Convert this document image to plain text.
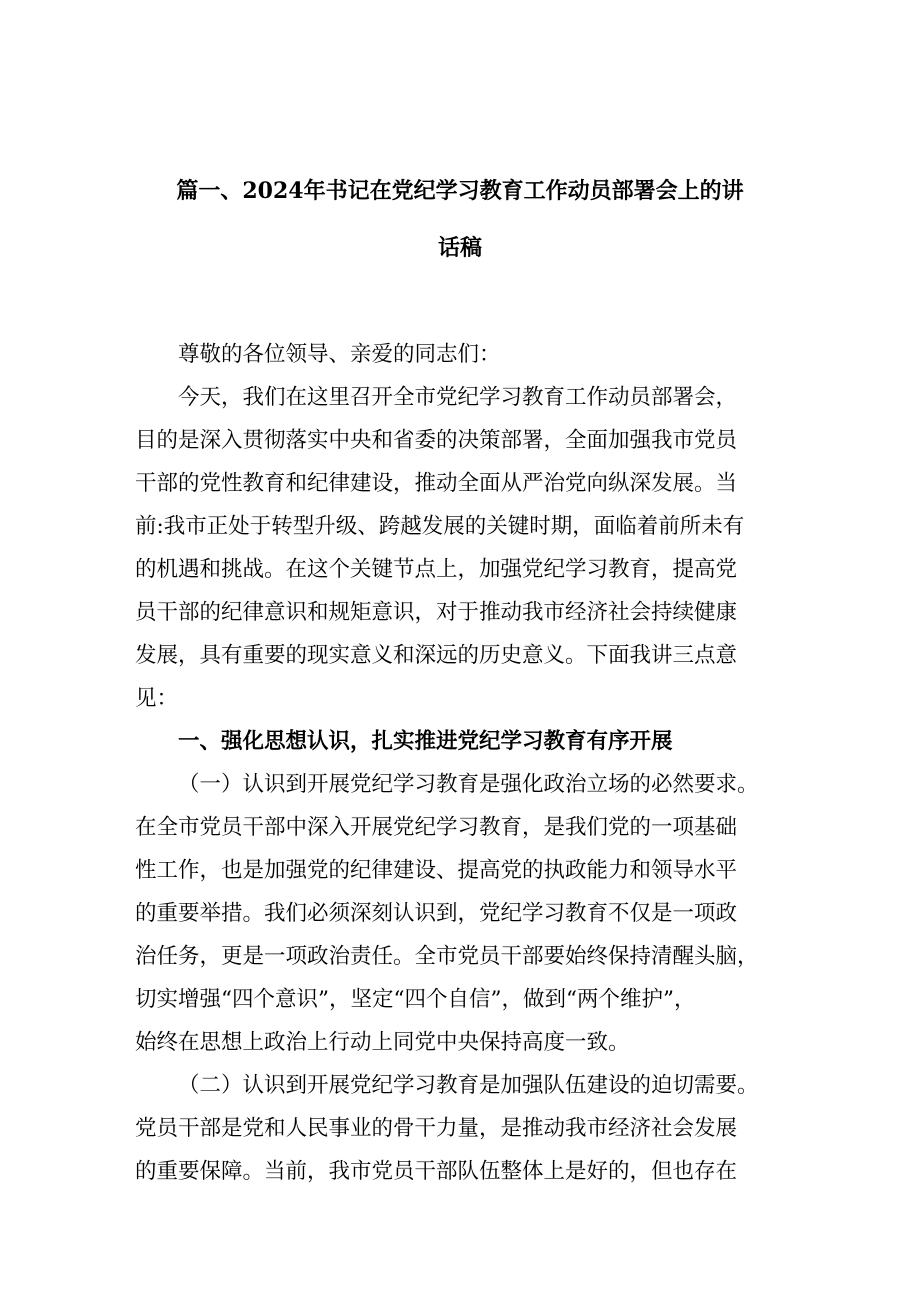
篇一、2024年书记在党纪学习教育工作动员部署会上的讲
话稿
尊敬的各位领导、亲爱的同志们：
今天，我们在这里召开全市党纪学习教育工作动员部署会，
目的是深入贯彻落实中央和省委的决策部署，全面加强我市党员
干部的党性教育和纪律建设，推动全面从严治党向纵深发展。当
前:我市正处于转型升级、跨越发展的关键时期，面临着前所未有
的机遇和挑战。在这个关键节点上，加强党纪学习教育，提高党
员干部的纪律意识和规矩意识，对于推动我市经济社会持续健康
发展，具有重要的现实意义和深远的历史意义。下面我讲三点意
见：
一、强化思想认识，扎实推进党纪学习教育有序开展
（一）认识到开展党纪学习教育是强化政治立场的必然要求。
在全市党员干部中深入开展党纪学习教育，是我们党的一项基础
性工作，也是加强党的纪律建设、提高党的执政能力和领导水平
的重要举措。我们必须深刻认识到，党纪学习教育不仅是一项政
治任务，更是一项政治责任。全市党员干部要始终保持清醒头脑，
切实增强“四个意识”，坚定“四个自信”，做到“两个维护”，
始终在思想上政治上行动上同党中央保持高度一致。
（二）认识到开展党纪学习教育是加强队伍建设的迫切需要。
党员干部是党和人民事业的骨干力量，是推动我市经济社会发展
的重要保障。当前，我市党员干部队伍整体上是好的，但也存在
